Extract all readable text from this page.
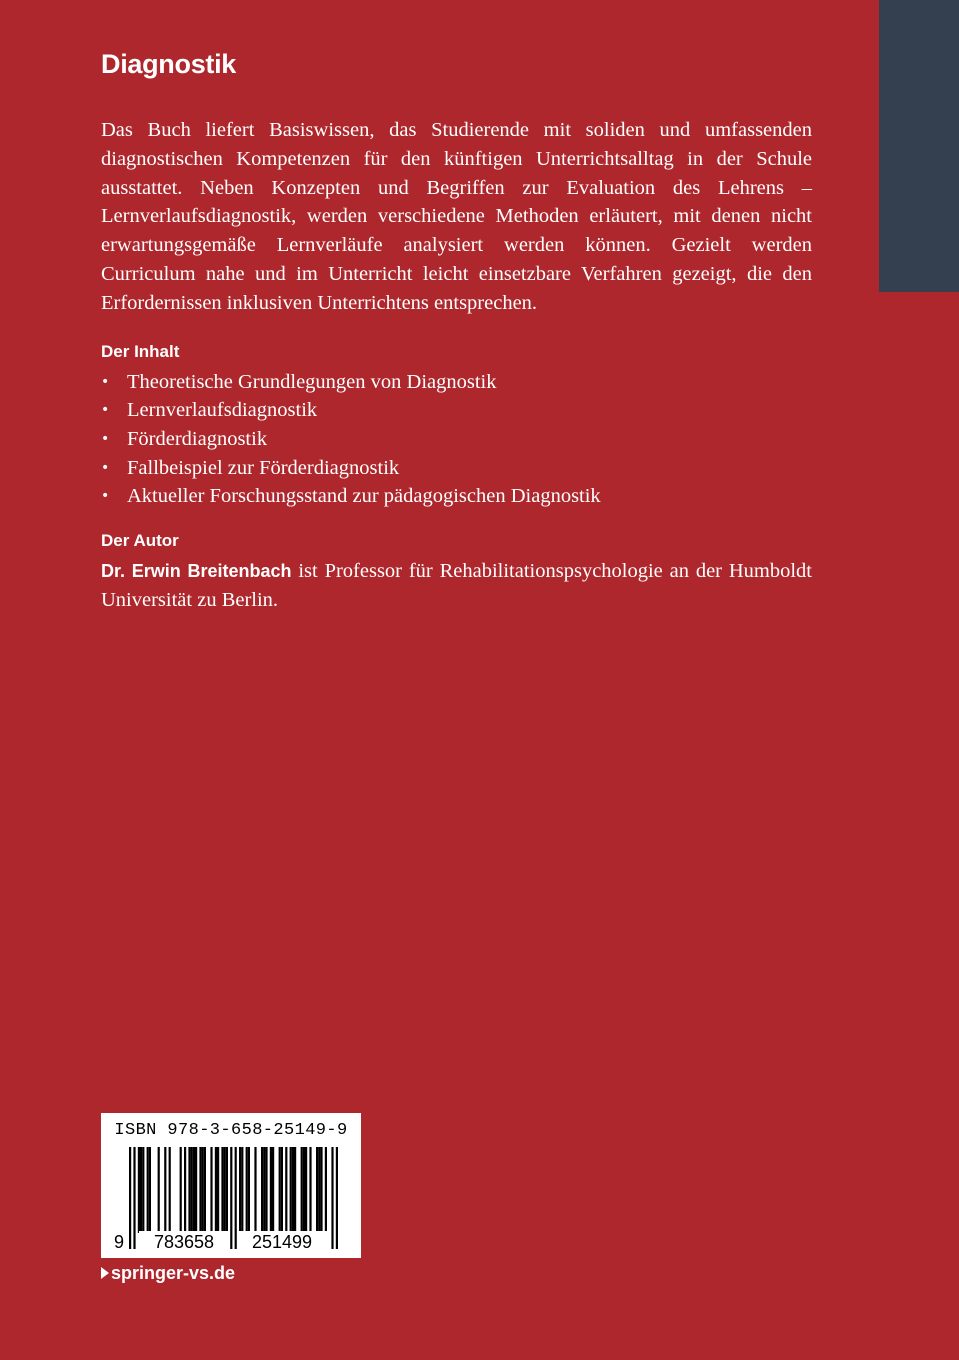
Diagnostik

Das Buch liefert Basiswissen, das Studierende mit soliden und umfassenden diagnostischen Kompetenzen für den künftigen Unterrichtsalltag in der Schule ausstattet. Neben Konzepten und Begriffen zur Evaluation des Lehrens – Lernverlaufsdiagnostik, werden verschiedene Methoden erläutert, mit denen nicht erwartungsgemäße Lernverläufe analysiert werden können. Gezielt werden Curriculum nahe und im Unterricht leicht einsetzbare Verfahren gezeigt, die den Erfordernissen inklusiven Unterrichtens entsprechen.

Der Inhalt
• Theoretische Grundlegungen von Diagnostik
• Lernverlaufsdiagnostik
• Förderdiagnostik
• Fallbeispiel zur Förderdiagnostik
• Aktueller Forschungsstand zur pädagogischen Diagnostik
Der Autor

Dr. Erwin Breitenbach ist Professor für Rehabilitationspsychologie an der Humboldt Universität zu Berlin.

ISBN 978-3-658-25149-9
9	783658	251499
springer-vs.de
